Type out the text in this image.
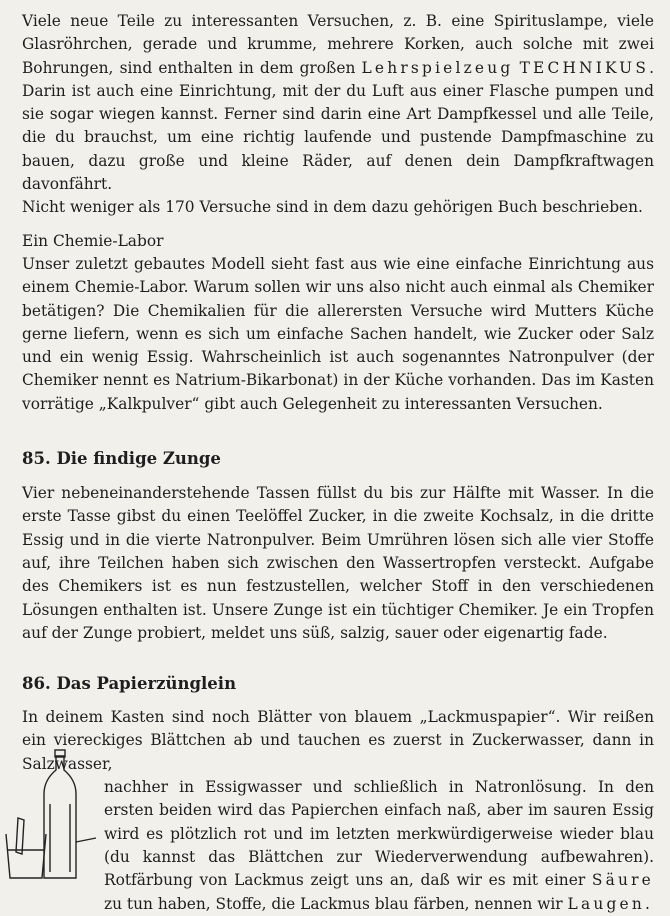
Viele neue Teile zu interessanten Versuchen, z. B. eine Spirituslampe, viele Glasröhrchen, gerade und krumme, mehrere Korken, auch solche mit zwei Bohrungen, sind enthalten in dem großen Lehrspielzeug TECHNIKUS. Darin ist auch eine Einrichtung, mit der du Luft aus einer Flasche pumpen und sie sogar wiegen kannst. Ferner sind darin eine Art Dampfkessel und alle Teile, die du brauchst, um eine richtig laufende und pustende Dampfmaschine zu bauen, dazu große und kleine Räder, auf denen dein Dampfkraftwagen davonfährt.
Nicht weniger als 170 Versuche sind in dem dazu gehörigen Buch beschrieben.

Ein Chemie-Labor

Unser zuletzt gebautes Modell sieht fast aus wie eine einfache Einrichtung aus einem Chemie-Labor. Warum sollen wir uns also nicht auch einmal als Chemiker betätigen? Die Chemikalien für die allerersten Versuche wird Mutters Küche gerne liefern, wenn es sich um einfache Sachen handelt, wie Zucker oder Salz und ein wenig Essig. Wahrscheinlich ist auch sogenanntes Natronpulver (der Chemiker nennt es Natrium-Bikarbonat) in der Küche vorhanden. Das im Kasten vorrätige „Kalkpulver“ gibt auch Gelegenheit zu interessanten Versuchen.

85. Die findige Zunge

Vier nebeneinanderstehende Tassen füllst du bis zur Hälfte mit Wasser. In die erste Tasse gibst du einen Teelöffel Zucker, in die zweite Kochsalz, in die dritte Essig und in die vierte Natronpulver. Beim Umrühren lösen sich alle vier Stoffe auf, ihre Teilchen haben sich zwischen den Wassertropfen versteckt. Aufgabe des Chemikers ist es nun festzustellen, welcher Stoff in den verschiedenen Lösungen enthalten ist. Unsere Zunge ist ein tüchtiger Chemiker. Je ein Tropfen auf der Zunge probiert, meldet uns süß, salzig, sauer oder eigenartig fade.

86. Das Papierzünglein

In deinem Kasten sind noch Blätter von blauem „Lackmuspapier“. Wir reißen ein viereckiges Blättchen ab und tauchen es zuerst in Zuckerwasser, dann in Salzwasser,

nachher in Essigwasser und schließlich in Natronlösung. In den ersten beiden wird das Papierchen einfach naß, aber im sauren Essig wird es plötzlich rot und im letzten merkwürdigerweise wieder blau (du kannst das Blättchen zur Wiederverwendung aufbewahren). Rotfärbung von Lackmus zeigt uns an, daß wir es mit einer Säure zu tun haben, Stoffe, die Lackmus blau färben, nennen wir Laugen.
